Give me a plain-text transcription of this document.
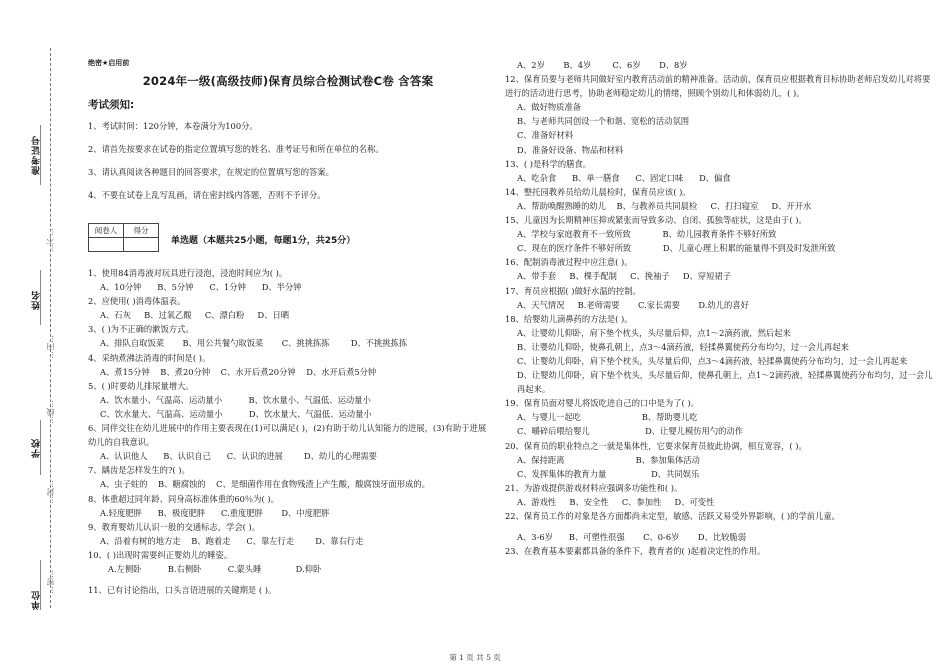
准考证号
姓名
学校
单位
…不…
…内…
…线…
…封…
…密…
绝密★启用前
2024年一级(高级技师)保育员综合检测试卷C卷 含答案
考试须知:
1、考试时间：120分钟，本卷满分为100分。
2、请首先按要求在试卷的指定位置填写您的姓名、准考证号和所在单位的名称。
3、请认真阅读各种题目的回答要求，在规定的位置填写您的答案。
4、不要在试卷上乱写乱画，请在密封线内答题，否则不予评分。
阅卷人	得分

单选题（本题共25小题，每题1分，共25分）
1、使用84消毒液对玩具进行浸泡，浸泡时间应为( )。
A、10分钟      B、5分钟      C、1分钟      D、半分钟
2、应使用( )消毒体温表。
A、石灰     B、过氧乙酸     C、漂白粉     D、日晒
3、( )为不正确的漱饭方式。
A、排队自取饭菜       B、用公共餐勺取饭菜       C、挑挑拣拣        D、不挑挑拣拣
4、采纳煮沸法消毒的时间是( )。
A、煮15分钟    B、煮20分钟    C、水开后煮20分钟    D、水开后煮5分钟
5、( )时要幼儿排尿量增大。
A、饮水量小、气温高、运动量小          B、饮水量小、气温低、运动量小
C、饮水量大、气温高、运动量小          D、饮水量大、气温低、运动量小
6、同伴交往在幼儿进展中的作用主要表现在(1)可以满足( )，(2)有助于幼儿认知能力的进展，(3)有助于进展幼儿的自我意识。
A、认识他人      B、认识自己      C、认识的进展        D、幼儿的心理需要
7、龋齿是怎样发生的?( )。
A、虫子蛀的    B、糖腐蚀的    C、是细菌作用在食物残渣上产生酸，酸腐蚀牙面形成的。
8、体重超过同年龄、同身高标准体重的60％为( )。
A.轻度肥胖      B、极度肥胖      C.重度肥胖       D、中度肥胖
9、教育婴幼儿认识一般的交通标志，学会( )。
A、沿着有树的地方走    B、跑着走      C、靠左行走        D、靠右行走
10、( )出现时需要纠正婴幼儿的睡姿。
A.左侧卧          B.右侧卧          C.蒙头睡             D.仰卧
11、已有讨论指出，口头言语进展的关键期是 ( )。
A、2岁       B、4岁        C、6岁       D、8岁
12、保育员要与老师共同做好室内教育活动前的精神准备。活动前，保育员应根据教育目标协助老师启发幼儿对将要进行的活动进行思考，协助老师稳定幼儿的情绪，照顾个别幼儿和体弱幼儿，( )。
A、做好物质准备
B、与老师共同创设一个和谐、宽松的活动氛围
C、准备好材料
D、准备好设备、物品和材料
13、( )是科学的膳食。
A、吃杂食      B、单一膳食      C、固定口味      D、偏食
14、整托园教养员给幼儿晨检时，保育员应该( )。
A、帮助唤醒熟睡的幼儿    B、与教养员共同晨检     C、打扫寝室     D、开开水
15、儿童因为长期精神压抑或紧张而导致多动、自闭、孤独等症状，这是由于( )。
A、学校与家庭教育不一致所致            B、幼儿园教育条件不够好所致
C、现在的医疗条件不够好所致            D、儿童心理上积累的能量得不到及时发泄所致
16、配制消毒液过程中应注意( )。
A、带手套     B、棵手配制     C、挽袖子     D、穿短裙子
17、育员应根据( )做好水温的控制。
A、天气情况     B.老师需要       C.家长需要       D.幼儿的喜好
18、给婴幼儿滴鼻药的方法是( )。
A、让婴幼儿仰卧，肩下垫个枕头，头尽量后仰，点1～2滴药液，然后起来
B、让婴幼儿仰卧，使鼻孔朝上，点3～4滴药液，轻揉鼻翼使药分布均匀，过一会儿再起来
C、让婴幼儿仰卧，肩下垫个枕头，头尽量后仰，点3～4滴药液，轻揉鼻翼使药分布均匀，过一会儿再起来
D、让婴幼儿仰卧，肩下垫个枕头，头尽量后仰，使鼻孔朝上，点1～2滴药液，轻揉鼻翼使药分布均匀，过一会儿再起来。
19、保育员面对婴儿将饭吃进自己的口中是为了( )。
A、与婴儿一起吃                       B、帮助婴儿吃
C、嚼碎后喂给婴儿                     D、让婴儿模仿用勺的动作
20、保育员的职业特点之一就是集体性，它要求保育员彼此协调，相互宽容，( )。
A、保持距离                           B、参加集体活动
C、发挥集体的教育力量                 D、共同娱乐
21、为游戏提供游戏材料应强调多功能性和( )。
A、游戏性     B、安全性     C、参加性     D、可变性
22、保育员工作的对象是各方面都尚未定型，敏感、活跃又易受外界影响，( )的学前儿童。
A、3-6岁      B、可塑性很强       C、0-6岁       D、比较脆弱
23、在教育基本要素都具备的条件下，教育者的( )起着决定性的作用。
第 1 页 共 5 页
